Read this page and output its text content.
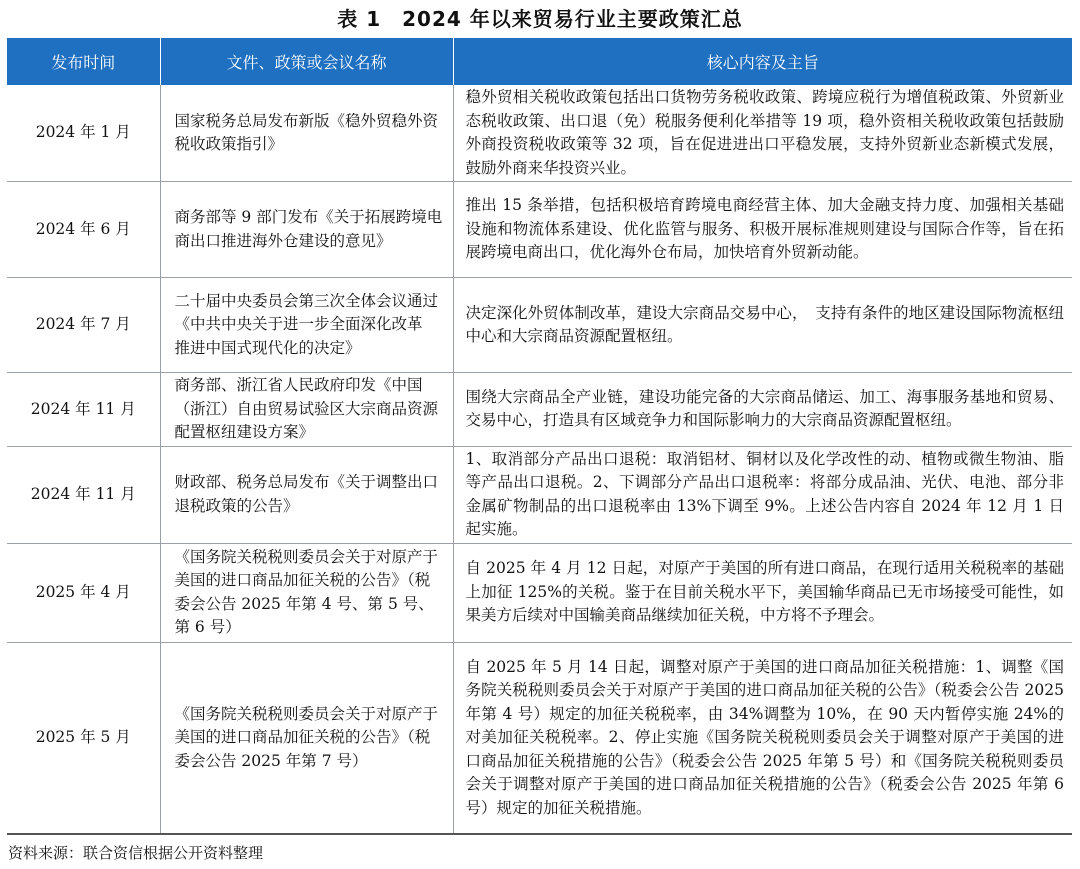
表 1　2024 年以来贸易行业主要政策汇总
发布时间	文件、政策或会议名称	核心内容及主旨
2024 年 1 月	国家税务总局发布新版《稳外贸稳外资税收政策指引》	稳外贸相关税收政策包括出口货物劳务税收政策、跨境应税行为增值税政策、外贸新业态税收政策、出口退（免）税服务便利化举措等 19 项，稳外资相关税收政策包括鼓励外商投资税收政策等 32 项，旨在促进进出口平稳发展，支持外贸新业态新模式发展，鼓励外商来华投资兴业。
2024 年 6 月	商务部等 9 部门发布《关于拓展跨境电商出口推进海外仓建设的意见》	推出 15 条举措，包括积极培育跨境电商经营主体、加大金融支持力度、加强相关基础设施和物流体系建设、优化监管与服务、积极开展标准规则建设与国际合作等，旨在拓展跨境电商出口，优化海外仓布局，加快培育外贸新动能。
2024 年 7 月	二十届中央委员会第三次全体会议通过《中共中央关于进一步全面深化改革 推进中国式现代化的决定》	决定深化外贸体制改革，建设大宗商品交易中心，　支持有条件的地区建设国际物流枢纽中心和大宗商品资源配置枢纽。
2024 年 11 月	商务部、浙江省人民政府印发《中国（浙江）自由贸易试验区大宗商品资源配置枢纽建设方案》	围绕大宗商品全产业链，建设功能完备的大宗商品储运、加工、海事服务基地和贸易、交易中心，打造具有区域竞争力和国际影响力的大宗商品资源配置枢纽。
2024 年 11 月	财政部、税务总局发布《关于调整出口退税政策的公告》	1、取消部分产品出口退税：取消铝材、铜材以及化学改性的动、植物或微生物油、脂等产品出口退税。2、下调部分产品出口退税率：将部分成品油、光伏、电池、部分非金属矿物制品的出口退税率由 13%下调至 9%。上述公告内容自 2024 年 12 月 1 日起实施。
2025 年 4 月	《国务院关税税则委员会关于对原产于美国的进口商品加征关税的公告》（税委会公告 2025 年第 4 号、第 5 号、第 6 号）	自 2025 年 4 月 12 日起，对原产于美国的所有进口商品，在现行适用关税税率的基础上加征 125%的关税。鉴于在目前关税水平下，美国输华商品已无市场接受可能性，如果美方后续对中国输美商品继续加征关税，中方将不予理会。
2025 年 5 月	《国务院关税税则委员会关于对原产于美国的进口商品加征关税的公告》（税委会公告 2025 年第 7 号）	自 2025 年 5 月 14 日起，调整对原产于美国的进口商品加征关税措施：1、调整《国务院关税税则委员会关于对原产于美国的进口商品加征关税的公告》（税委会公告 2025 年第 4 号）规定的加征关税税率，由 34%调整为 10%，在 90 天内暂停实施 24%的对美加征关税税率。2、停止实施《国务院关税税则委员会关于调整对原产于美国的进口商品加征关税措施的公告》（税委会公告 2025 年第 5 号）和《国务院关税税则委员会关于调整对原产于美国的进口商品加征关税措施的公告》（税委会公告 2025 年第 6 号）规定的加征关税措施。
资料来源：联合资信根据公开资料整理
